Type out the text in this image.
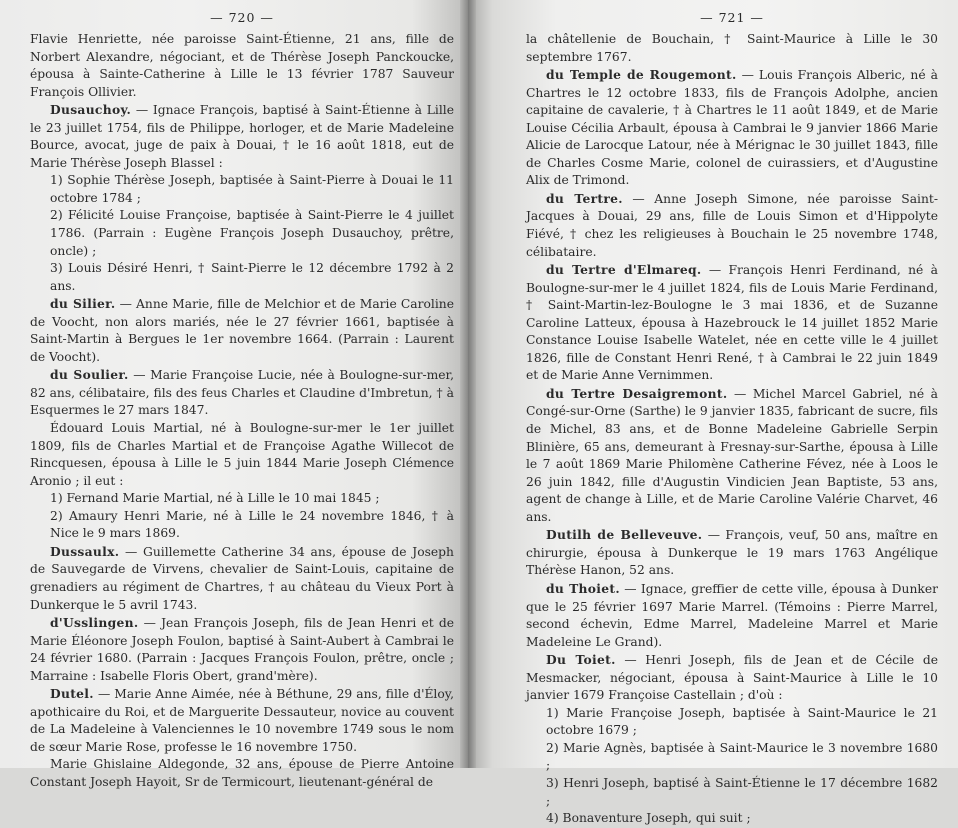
— 720 —
Flavie Henriette, née paroisse Saint-Étienne, 21 ans, fille de Norbert Alexandre, négociant, et de Thérèse Joseph Panckoucke, épousa à Sainte-Catherine à Lille le 13 février 1787 Sauveur François Ollivier.
Dusauchoy. — Ignace François, baptisé à Saint-Étienne à Lille le 23 juillet 1754, fils de Philippe, horloger, et de Marie Madeleine Bource, avocat, juge de paix à Douai, † le 16 août 1818, eut de Marie Thérèse Joseph Blassel :
1) Sophie Thérèse Joseph, baptisée à Saint-Pierre à Douai le 11 octobre 1784 ;
2) Félicité Louise Françoise, baptisée à Saint-Pierre le 4 juillet 1786. (Parrain : Eugène François Joseph Dusauchoy, prêtre, oncle) ;
3) Louis Désiré Henri, † Saint-Pierre le 12 décembre 1792 à 2 ans.
du Silier. — Anne Marie, fille de Melchior et de Marie Caroline de Voocht, non alors mariés, née le 27 février 1661, baptisée à Saint-Martin à Bergues le 1er novembre 1664. (Parrain : Laurent de Voocht).
du Soulier. — Marie Françoise Lucie, née à Boulogne-sur-mer, 82 ans, célibataire, fils des feus Charles et Claudine d'Imbretun, † à Esquermes le 27 mars 1847.
Édouard Louis Martial, né à Boulogne-sur-mer le 1er juillet 1809, fils de Charles Martial et de Françoise Agathe Willecot de Rincquesen, épousa à Lille le 5 juin 1844 Marie Joseph Clémence Aronio ; il eut :
1) Fernand Marie Martial, né à Lille le 10 mai 1845 ;
2) Amaury Henri Marie, né à Lille le 24 novembre 1846, † à Nice le 9 mars 1869.
Dussaulx. — Guillemette Catherine 34 ans, épouse de Joseph de Sauvegarde de Virvens, chevalier de Saint-Louis, capitaine de grenadiers au régiment de Chartres, † au château du Vieux Port à Dunkerque le 5 avril 1743.
d'Usslingen. — Jean François Joseph, fils de Jean Henri et de Marie Éléonore Joseph Foulon, baptisé à Saint-Aubert à Cambrai le 24 février 1680. (Parrain : Jacques François Foulon, prêtre, oncle ; Marraine : Isabelle Floris Obert, grand'mère).
Dutel. — Marie Anne Aimée, née à Béthune, 29 ans, fille d'Éloy, apothicaire du Roi, et de Marguerite Dessauteur, novice au couvent de La Madeleine à Valenciennes le 10 novembre 1749 sous le nom de sœur Marie Rose, professe le 16 novembre 1750.
Marie Ghislaine Aldegonde, 32 ans, épouse de Pierre Antoine Constant Joseph Hayoit, Sr de Termicourt, lieutenant-général de
— 721 —
la châtellenie de Bouchain, † Saint-Maurice à Lille le 30 septembre 1767.
du Temple de Rougemont. — Louis François Alberic, né à Chartres le 12 octobre 1833, fils de François Adolphe, ancien capitaine de cavalerie, † à Chartres le 11 août 1849, et de Marie Louise Cécilia Arbault, épousa à Cambrai le 9 janvier 1866 Marie Alicie de Larocque Latour, née à Mérignac le 30 juillet 1843, fille de Charles Cosme Marie, colonel de cuirassiers, et d'Augustine Alix de Trimond.
du Tertre. — Anne Joseph Simone, née paroisse Saint-Jacques à Douai, 29 ans, fille de Louis Simon et d'Hippolyte Fiévé, † chez les religieuses à Bouchain le 25 novembre 1748, célibataire.
du Tertre d'Elmareq. — François Henri Ferdinand, né à Boulogne-sur-mer le 4 juillet 1824, fils de Louis Marie Ferdinand, † Saint-Martin-lez-Boulogne le 3 mai 1836, et de Suzanne Caroline Latteux, épousa à Hazebrouck le 14 juillet 1852 Marie Constance Louise Isabelle Watelet, née en cette ville le 4 juillet 1826, fille de Constant Henri René, † à Cambrai le 22 juin 1849 et de Marie Anne Vernimmen.
du Tertre Desaigremont. — Michel Marcel Gabriel, né à Congé-sur-Orne (Sarthe) le 9 janvier 1835, fabricant de sucre, fils de Michel, 83 ans, et de Bonne Madeleine Gabrielle Serpin Blinière, 65 ans, demeurant à Fresnay-sur-Sarthe, épousa à Lille le 7 août 1869 Marie Philomène Catherine Févez, née à Loos le 26 juin 1842, fille d'Augustin Vindicien Jean Baptiste, 53 ans, agent de change à Lille, et de Marie Caroline Valérie Charvet, 46 ans.
Dutilh de Belleveuve. — François, veuf, 50 ans, maître en chirurgie, épousa à Dunkerque le 19 mars 1763 Angélique Thérèse Hanon, 52 ans.
du Thoiet. — Ignace, greffier de cette ville, épousa à Dunker que le 25 février 1697 Marie Marrel. (Témoins : Pierre Marrel, second échevin, Edme Marrel, Madeleine Marrel et Marie Madeleine Le Grand).
Du Toiet. — Henri Joseph, fils de Jean et de Cécile de Mesmacker, négociant, épousa à Saint-Maurice à Lille le 10 janvier 1679 Françoise Castellain ; d'où :
1) Marie Françoise Joseph, baptisée à Saint-Maurice le 21 octobre 1679 ;
2) Marie Agnès, baptisée à Saint-Maurice le 3 novembre 1680 ;
3) Henri Joseph, baptisé à Saint-Étienne le 17 décembre 1682 ;
4) Bonaventure Joseph, qui suit ;
